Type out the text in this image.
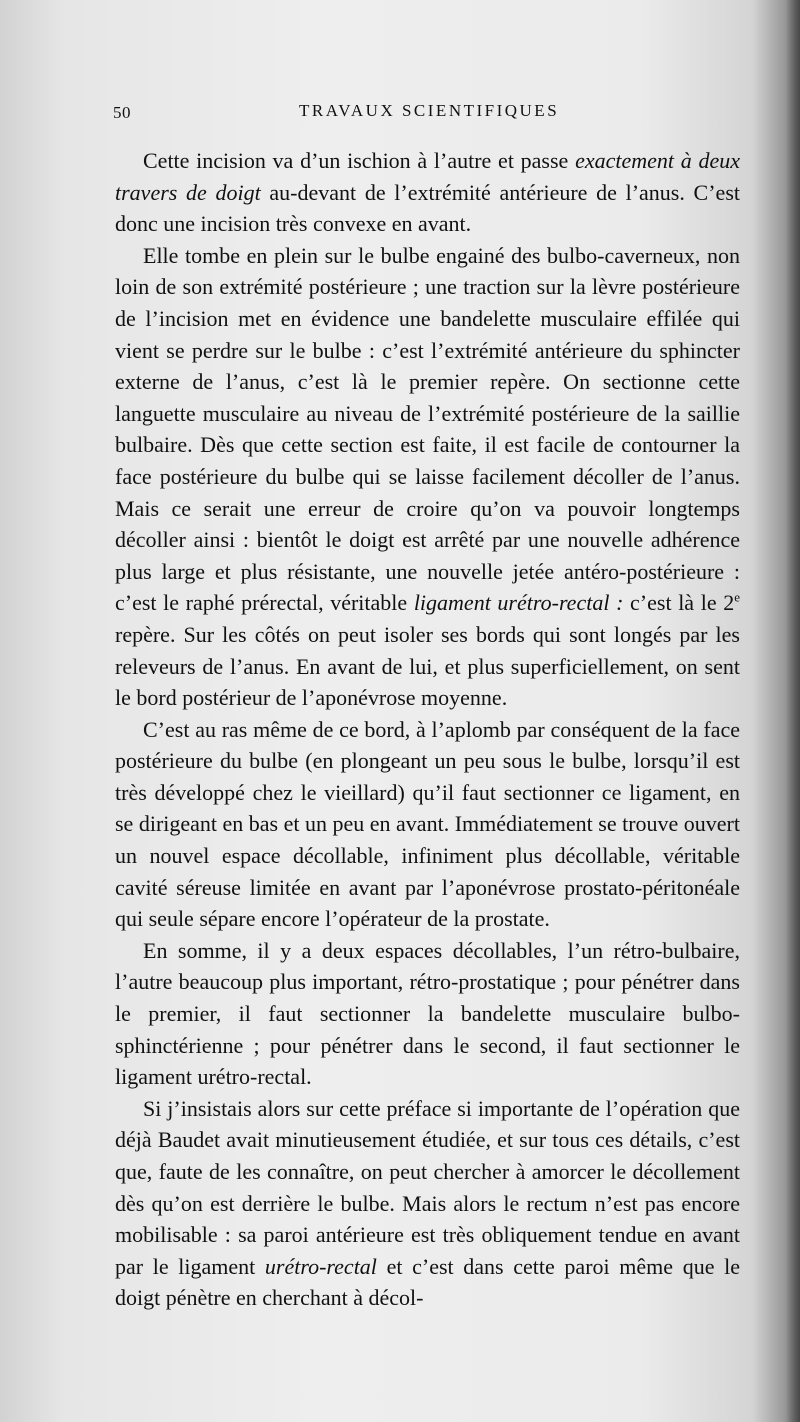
50	TRAVAUX SCIENTIFIQUES

Cette incision va d’un ischion à l’autre et passe exactement à deux travers de doigt au-devant de l’extrémité antérieure de l’anus. C’est donc une incision très convexe en avant.

Elle tombe en plein sur le bulbe engainé des bulbo-caverneux, non loin de son extrémité postérieure ; une traction sur la lèvre postérieure de l’incision met en évidence une bandelette musculaire effilée qui vient se perdre sur le bulbe : c’est l’extrémité antérieure du sphincter externe de l’anus, c’est là le premier repère. On sectionne cette languette musculaire au niveau de l’extrémité postérieure de la saillie bulbaire. Dès que cette section est faite, il est facile de contourner la face postérieure du bulbe qui se laisse facilement décoller de l’anus. Mais ce serait une erreur de croire qu’on va pouvoir longtemps décoller ainsi : bientôt le doigt est arrêté par une nouvelle adhérence plus large et plus résistante, une nouvelle jetée antéro-postérieure : c’est le raphé prérectal, véritable ligament urétro-rectal : c’est là le 2e repère. Sur les côtés on peut isoler ses bords qui sont longés par les releveurs de l’anus. En avant de lui, et plus superficiellement, on sent le bord postérieur de l’aponévrose moyenne.

C’est au ras même de ce bord, à l’aplomb par conséquent de la face postérieure du bulbe (en plongeant un peu sous le bulbe, lorsqu’il est très développé chez le vieillard) qu’il faut sectionner ce ligament, en se dirigeant en bas et un peu en avant. Immédiatement se trouve ouvert un nouvel espace décollable, infiniment plus décollable, véritable cavité séreuse limitée en avant par l’aponévrose prostato-péritonéale qui seule sépare encore l’opérateur de la prostate.

En somme, il y a deux espaces décollables, l’un rétro-bulbaire, l’autre beaucoup plus important, rétro-prostatique ; pour pénétrer dans le premier, il faut sectionner la bandelette musculaire bulbo-sphinctérienne ; pour pénétrer dans le second, il faut sectionner le ligament urétro-rectal.

Si j’insistais alors sur cette préface si importante de l’opération que déjà Baudet avait minutieusement étudiée, et sur tous ces détails, c’est que, faute de les connaître, on peut chercher à amorcer le décollement dès qu’on est derrière le bulbe. Mais alors le rectum n’est pas encore mobilisable : sa paroi antérieure est très obliquement tendue en avant par le ligament urétro-rectal et c’est dans cette paroi même que le doigt pénètre en cherchant à décol-
